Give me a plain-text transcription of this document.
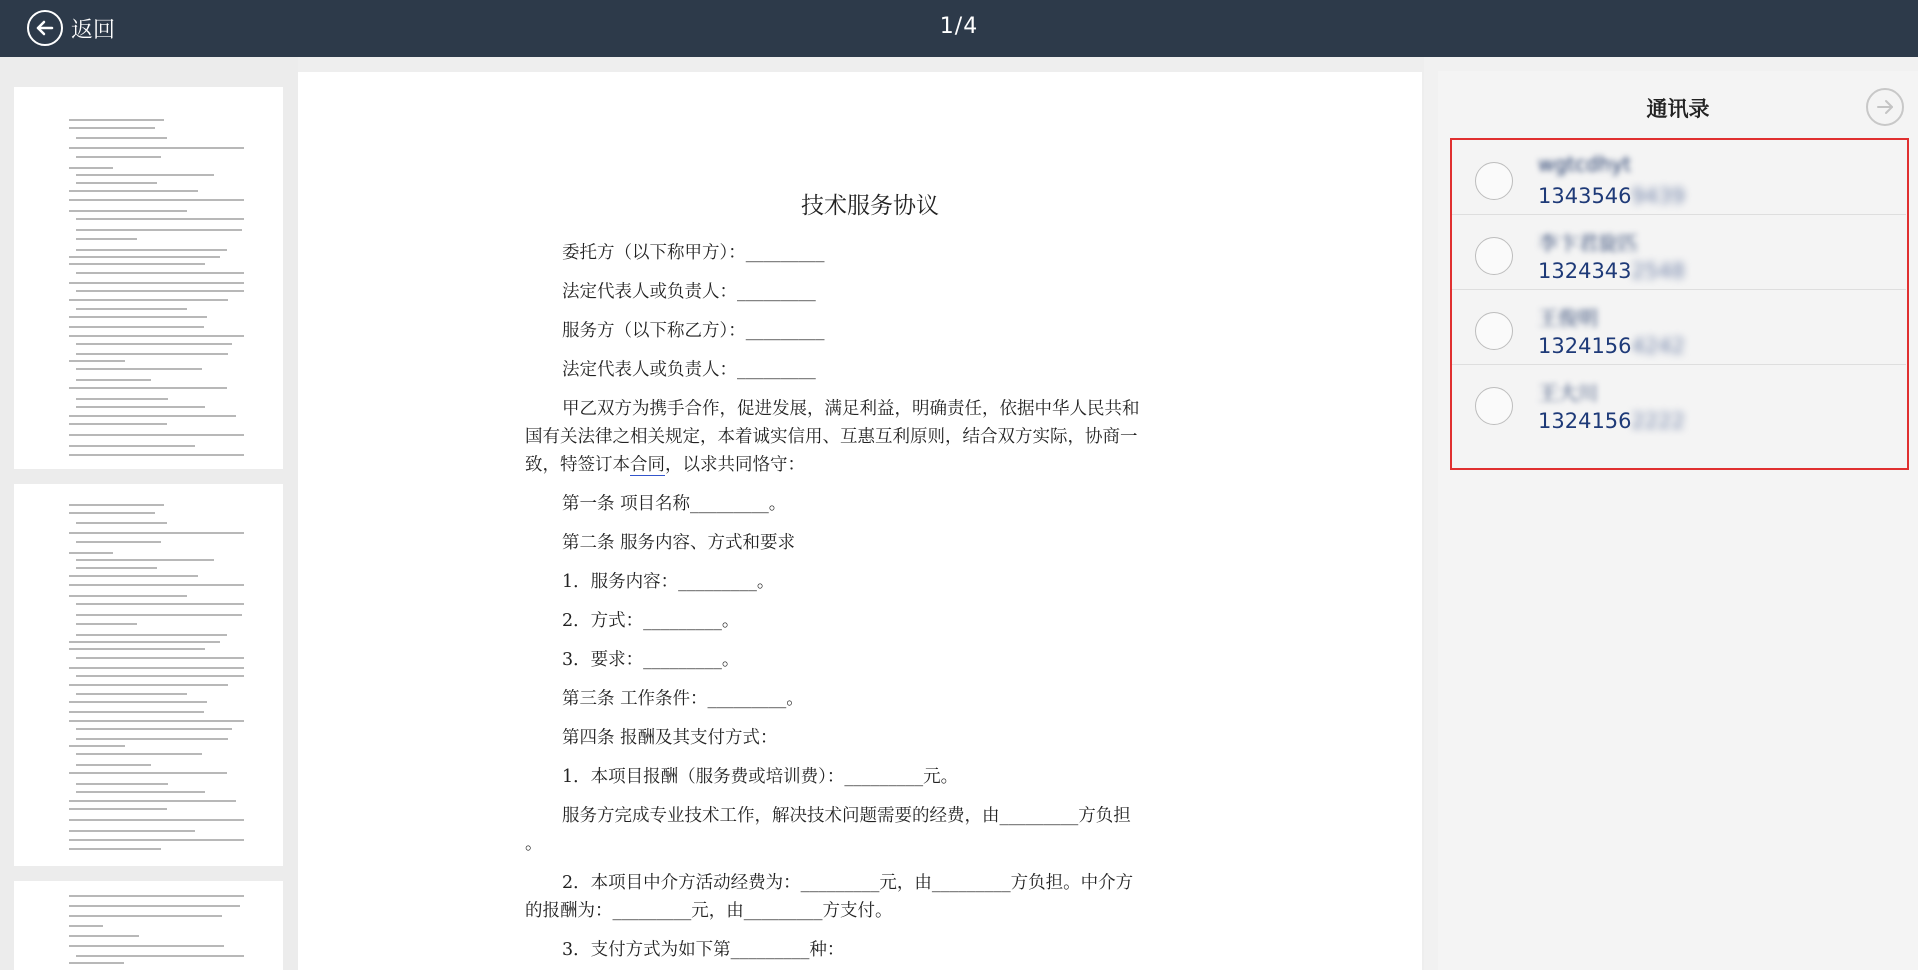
返回	1/4
技术服务协议
委托方（以下称甲方）：_________
法定代表人或负责人：_________
服务方（以下称乙方）：_________
法定代表人或负责人：_________
甲乙双方为携手合作，促进发展，满足利益，明确责任，依据中华人民共和
国有关法律之相关规定，本着诚实信用、互惠互利原则，结合双方实际，协商一
致，特签订本合同，以求共同恪守：
第一条 项目名称_________。
第二条 服务内容、方式和要求
1．服务内容：_________。
2．方式：_________。
3．要求：_________。
第三条 工作条件：_________。
第四条 报酬及其支付方式：
1．本项目报酬（服务费或培训费）：_________元。
服务方完成专业技术工作，解决技术问题需要的经费，由_________方负担
。
2．本项目中介方活动经费为：_________元，由_________方负担。中介方
的报酬为：_________元，由_________方支付。
3．支付方式为如下第_________种：
通讯录
wgtcdhyt
13435469439
李卞君旋匹
13243432548
王俊明
13241564242
王大川
13241562222
